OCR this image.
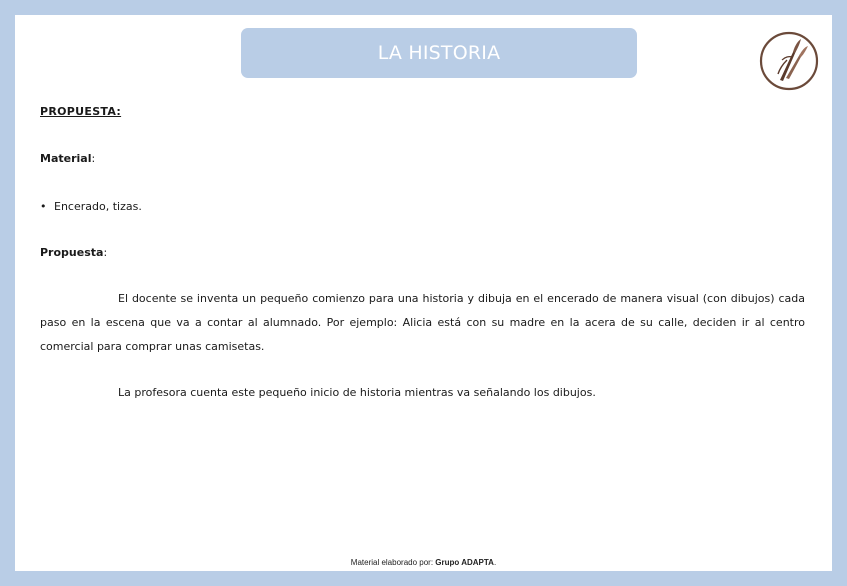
LA HISTORIA
PROPUESTA:
Material:
• Encerado, tizas.
Propuesta:
El docente se inventa un pequeño comienzo para una historia y dibuja en el encerado de manera visual (con dibujos) cada paso en la escena que va a contar al alumnado. Por ejemplo: Alicia está con su madre en la acera de su calle, deciden ir al centro comercial para comprar unas camisetas.
La profesora cuenta este pequeño inicio de historia mientras va señalando los dibujos.
Material elaborado por: Grupo ADAPTA.
